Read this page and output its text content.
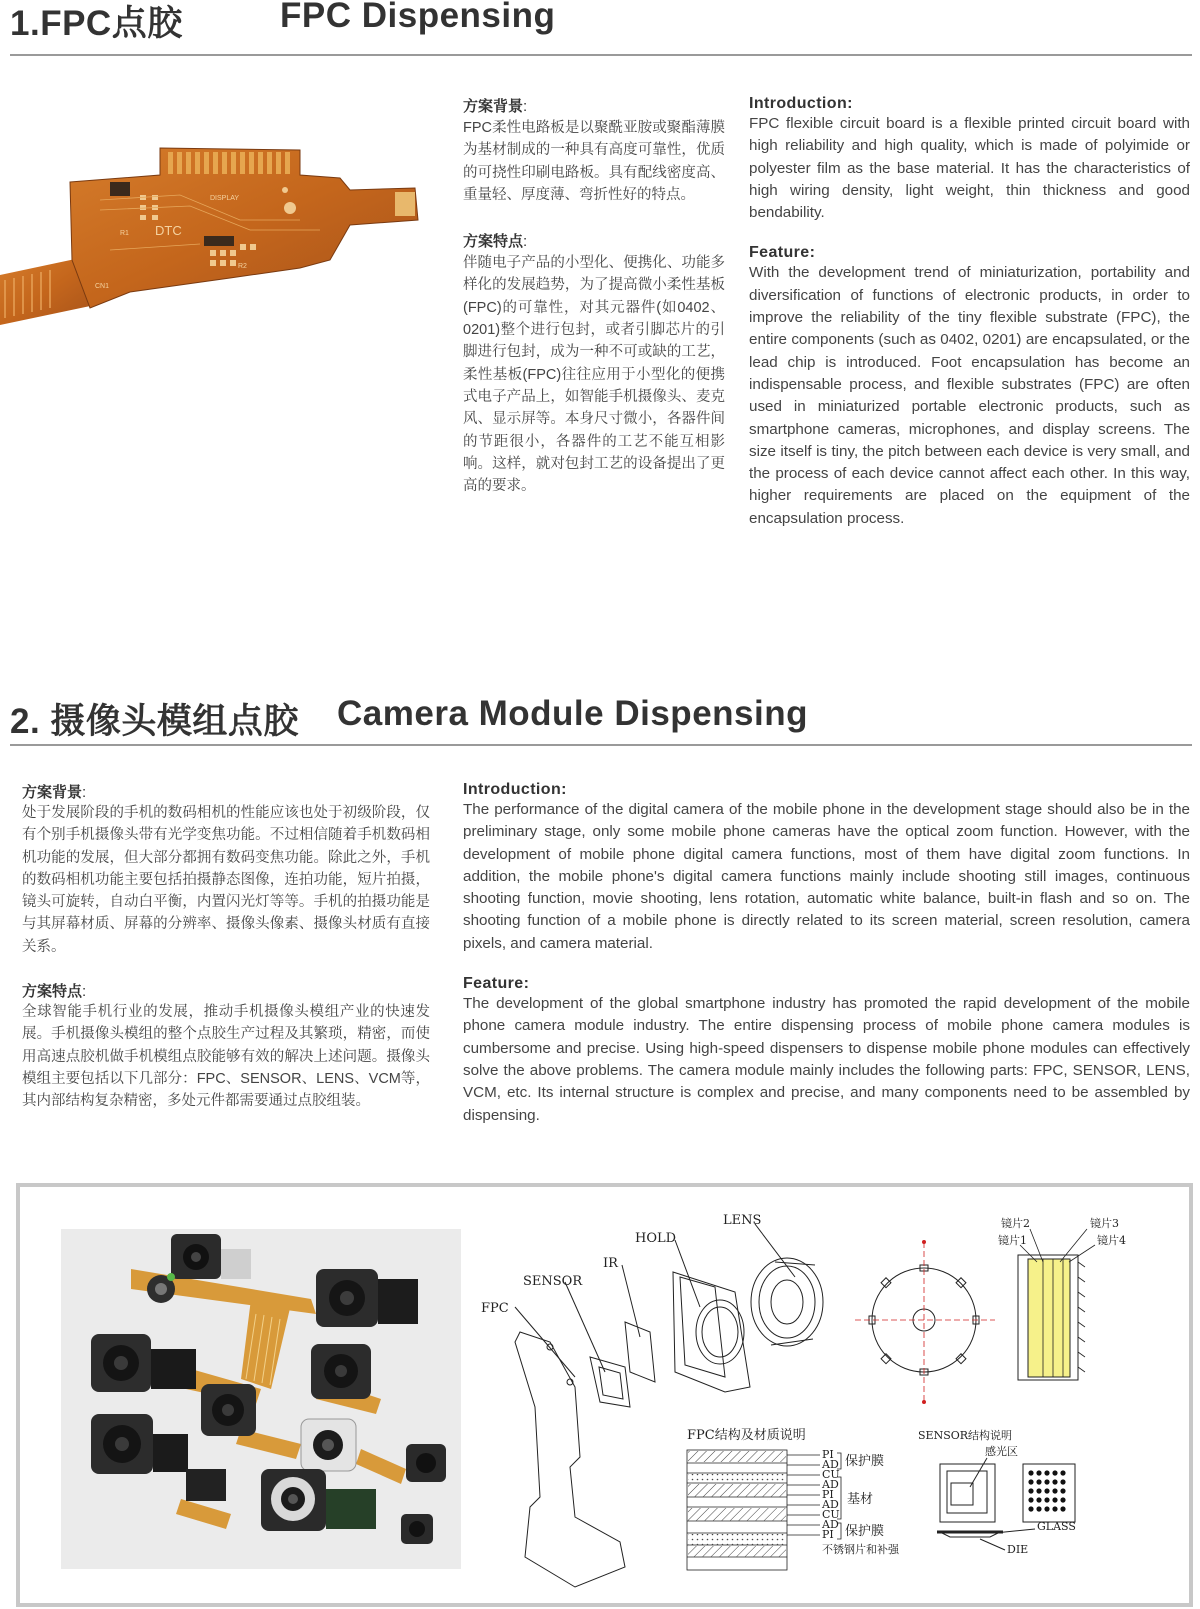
1.FPC点胶	FPC Dispensing
DTC
DISPLAY
R1
R2
CN1
方案背景:
FPC柔性电路板是以聚酰亚胺或聚酯薄膜为基材制成的一种具有高度可靠性，优质的可挠性印刷电路板。具有配线密度高、重量轻、厚度薄、弯折性好的特点。
方案特点:
伴随电子产品的小型化、便携化、功能多样化的发展趋势，为了提高微小柔性基板(FPC)的可靠性，对其元器件(如0402、0201)整个进行包封，或者引脚芯片的引脚进行包封，成为一种不可或缺的工艺，柔性基板(FPC)往往应用于小型化的便携式电子产品上，如智能手机摄像头、麦克风、显示屏等。本身尺寸微小，各器件间的节距很小，各器件的工艺不能互相影响。这样，就对包封工艺的设备提出了更高的要求。
Introduction:
FPC flexible circuit board is a flexible printed circuit board with high reliability and high quality, which is made of polyimide or polyester film as the base material. It has the characteristics of high wiring density, light weight, thin thickness and good bendability.
Feature:
With the development trend of miniaturization, portability and diversification of functions of electronic products, in order to improve the reliability of the tiny flexible substrate (FPC), the entire components (such as 0402, 0201) are encapsulated, or the lead chip is introduced. Foot encapsulation has become an indispensable process, and flexible substrates (FPC) are often used in miniaturized portable electronic products, such as smartphone cameras, microphones, and display screens. The size itself is tiny, the pitch between each device is very small, and the process of each device cannot affect each other. In this way, higher requirements are placed on the equipment of the encapsulation process.
2. 摄像头模组点胶 Camera Module Dispensing
方案背景:
处于发展阶段的手机的数码相机的性能应该也处于初级阶段，仅有个别手机摄像头带有光学变焦功能。不过相信随着手机数码相机功能的发展，但大部分都拥有数码变焦功能。除此之外，手机的数码相机功能主要包括拍摄静态图像，连拍功能，短片拍摄，镜头可旋转，自动白平衡，内置闪光灯等等。手机的拍摄功能是与其屏幕材质、屏幕的分辨率、摄像头像素、摄像头材质有直接关系。
方案特点:
全球智能手机行业的发展，推动手机摄像头模组产业的快速发展。手机摄像头模组的整个点胶生产过程及其繁琐，精密，而使用高速点胶机做手机模组点胶能够有效的解决上述问题。摄像头模组主要包括以下几部分：FPC、SENSOR、LENS、VCM等，其内部结构复杂精密，多处元件都需要通过点胶组装。
Introduction:
The performance of the digital camera of the mobile phone in the development stage should also be in the preliminary stage, only some mobile phone cameras have the optical zoom function. However, with the development of mobile phone digital camera functions, most of them have digital zoom functions. In addition, the mobile phone's digital camera functions mainly include shooting still images, continuous shooting function, movie shooting, lens rotation, automatic white balance, built-in flash and so on. The shooting function of a mobile phone is directly related to its screen material, screen resolution, camera pixels, and camera material.
Feature:
The development of the global smartphone industry has promoted the rapid development of the mobile phone camera module industry. The entire dispensing process of mobile phone camera modules is cumbersome and precise. Using high-speed dispensers to dispense mobile phone modules can effectively solve the above problems. The camera module mainly includes the following parts: FPC, SENSOR, LENS, VCM, etc. Its internal structure is complex and precise, and many components need to be assembled by dispensing.
FPC
SENSOR
IR
HOLD
LENS
镜片1
镜片2	镜片3
镜片4
FPC结构及材质说明
PI
AD
CU
AD
PI
AD
CU
AD
PI
保护膜
基材
保护膜
不锈钢片和补强
SENSOR结构说明
感光区
GLASS
DIE
